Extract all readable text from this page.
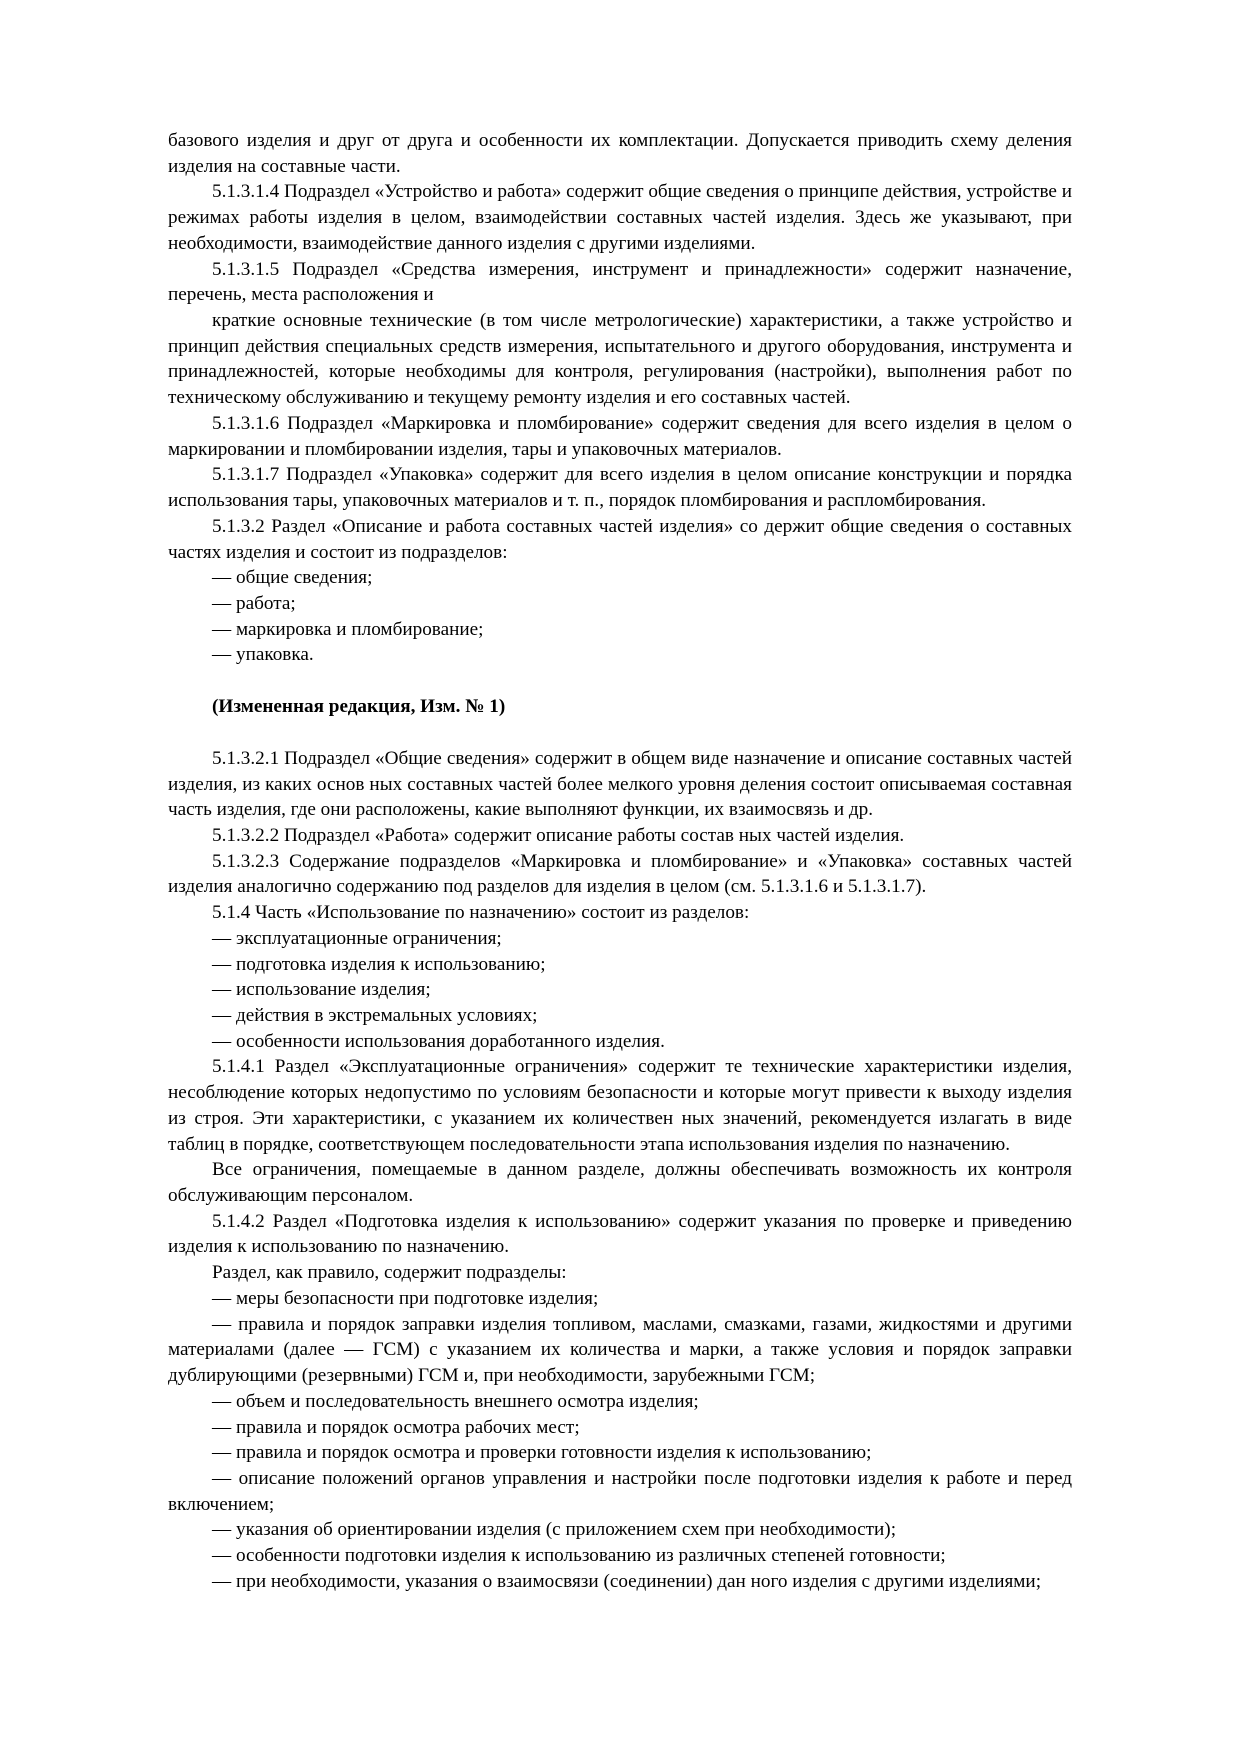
базового изделия и друг от друга и особенности их комплектации. Допускается приводить схему деления изделия на составные части.

5.1.3.1.4 Подраздел «Устройство и работа» содержит общие сведения о принципе действия, устройстве и режимах работы изделия в целом, взаимодействии составных частей изделия. Здесь же указывают, при необходимости, взаимодействие данного изделия с другими изделиями.

5.1.3.1.5 Подраздел «Средства измерения, инструмент и принадлежности» содержит назначение, перечень, места расположения и

краткие основные технические (в том числе метрологические) характеристики, а также устройство и принцип действия специальных средств измерения, испытательного и другого оборудования, инструмента и принадлежностей, которые необходимы для контроля, регулирования (настройки), выполнения работ по техническому обслуживанию и текущему ремонту изделия и его составных частей.

5.1.3.1.6 Подраздел «Маркировка и пломбирование» содержит сведения для всего изделия в целом о маркировании и пломбировании изделия, тары и упаковочных материалов.

5.1.3.1.7 Подраздел «Упаковка» содержит для всего изделия в целом описание конструкции и порядка использования тары, упаковочных материалов и т. п., порядок пломбирования и распломбирования.

5.1.3.2 Раздел «Описание и работа составных частей изделия» со держит общие сведения о составных частях изделия и состоит из подразделов:

— общие сведения;

— работа;

— маркировка и пломбирование;

— упаковка.

(Измененная редакция, Изм. № 1)

5.1.3.2.1 Подраздел «Общие сведения» содержит в общем виде назначение и описание составных частей изделия, из каких основ ных составных частей более мелкого уровня деления состоит описываемая составная часть изделия, где они расположены, какие выполняют функции, их взаимосвязь и др.

5.1.3.2.2 Подраздел «Работа» содержит описание работы состав ных частей изделия.

5.1.3.2.3 Содержание подразделов «Маркировка и пломбирование» и «Упаковка» составных частей изделия аналогично содержанию под разделов для изделия в целом (см. 5.1.3.1.6 и 5.1.3.1.7).

5.1.4 Часть «Использование по назначению» состоит из разделов:

— эксплуатационные ограничения;

— подготовка изделия к использованию;

— использование изделия;

— действия в экстремальных условиях;

— особенности использования доработанного изделия.

5.1.4.1 Раздел «Эксплуатационные ограничения» содержит те технические характеристики изделия, несоблюдение которых недопустимо по условиям безопасности и которые могут привести к выходу изделия из строя. Эти характеристики, с указанием их количествен ных значений, рекомендуется излагать в виде таблиц в порядке, соответствующем последовательности этапа использования изделия по назначению.

Все ограничения, помещаемые в данном разделе, должны обеспечивать возможность их контроля обслуживающим персоналом.

5.1.4.2 Раздел «Подготовка изделия к использованию» содержит указания по проверке и приведению изделия к использованию по назначению.

Раздел, как правило, содержит подразделы:

— меры безопасности при подготовке изделия;

— правила и порядок заправки изделия топливом, маслами, смазками, газами, жидкостями и другими материалами (далее — ГСМ) с указанием их количества и марки, а также условия и порядок заправки дублирующими (резервными) ГСМ и, при необходимости, зарубежными ГСМ;

— объем и последовательность внешнего осмотра изделия;

— правила и порядок осмотра рабочих мест;

— правила и порядок осмотра и проверки готовности изделия к использованию;

— описание положений органов управления и настройки после подготовки изделия к работе и перед включением;

— указания об ориентировании изделия (с приложением схем при необходимости);

— особенности подготовки изделия к использованию из различных степеней готовности;

— при необходимости, указания о взаимосвязи (соединении) дан ного изделия с другими изделиями;
